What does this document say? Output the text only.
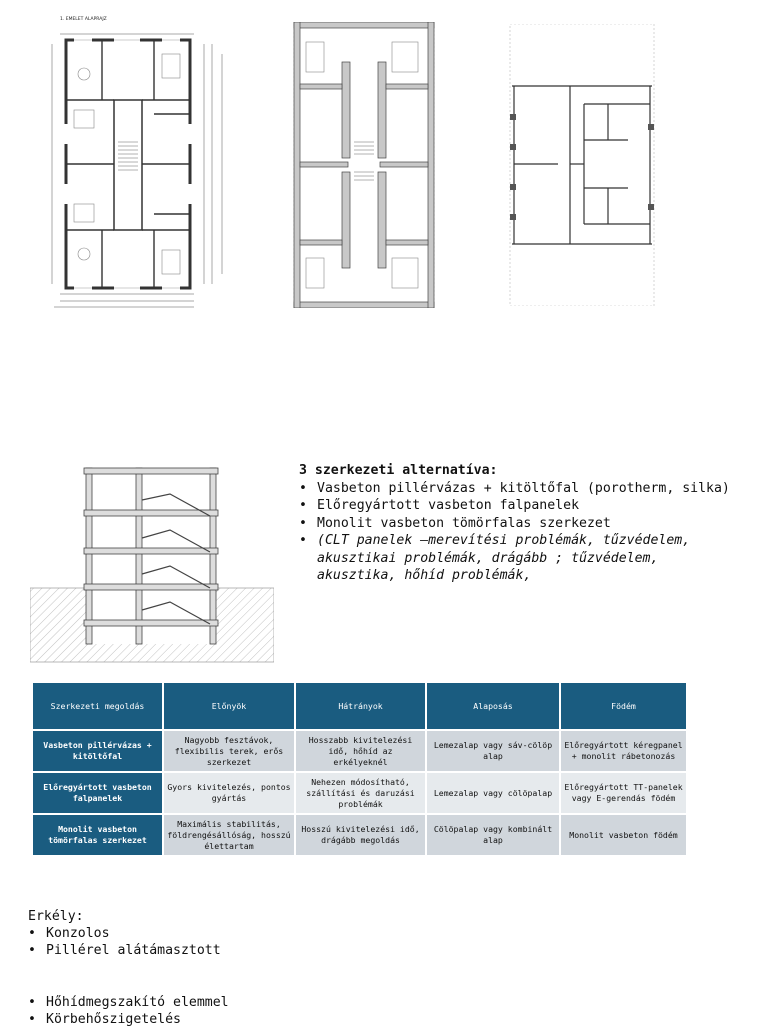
1. EMELET ALAPRAJZ
3 szerkezeti alternatíva:
• Vasbeton pillérvázas + kitöltőfal (porotherm, silka)
• Előregyártott vasbeton falpanelek
• Monolit vasbeton tömörfalas szerkezet
• (CLT panelek –merevítési problémák, tűzvédelem, akusztikai problémák, drágább ; tűzvédelem, akusztika, hőhíd problémák,
Szerkezeti megoldás	Előnyök	Hátrányok	Alaposás	Födém
Vasbeton pillérvázas + kitöltőfal	Nagyobb fesztávok, flexibilis terek, erős szerkezet	Hosszabb kivitelezési idő, hőhíd az erkélyeknél	Lemezalap vagy sáv-cölöp alap	Előregyártott kéregpanel + monolit rábetonozás
Előregyártott vasbeton falpanelek	Gyors kivitelezés, pontos gyártás	Nehezen módosítható, szállítási és daruzási problémák	Lemezalap vagy cölöpalap	Előregyártott TT-panelek vagy E-gerendás födém
Monolit vasbeton tömörfalas szerkezet	Maximális stabilitás, földrengésállóság, hosszú élettartam	Hosszú kivitelezési idő, drágább megoldás	Cölöpalap vagy kombinált alap	Monolit vasbeton födém
Erkély:
• Konzolos
• Pillérel alátámasztott
• Hőhídmegszakító elemmel
• Körbehőszigetelés
